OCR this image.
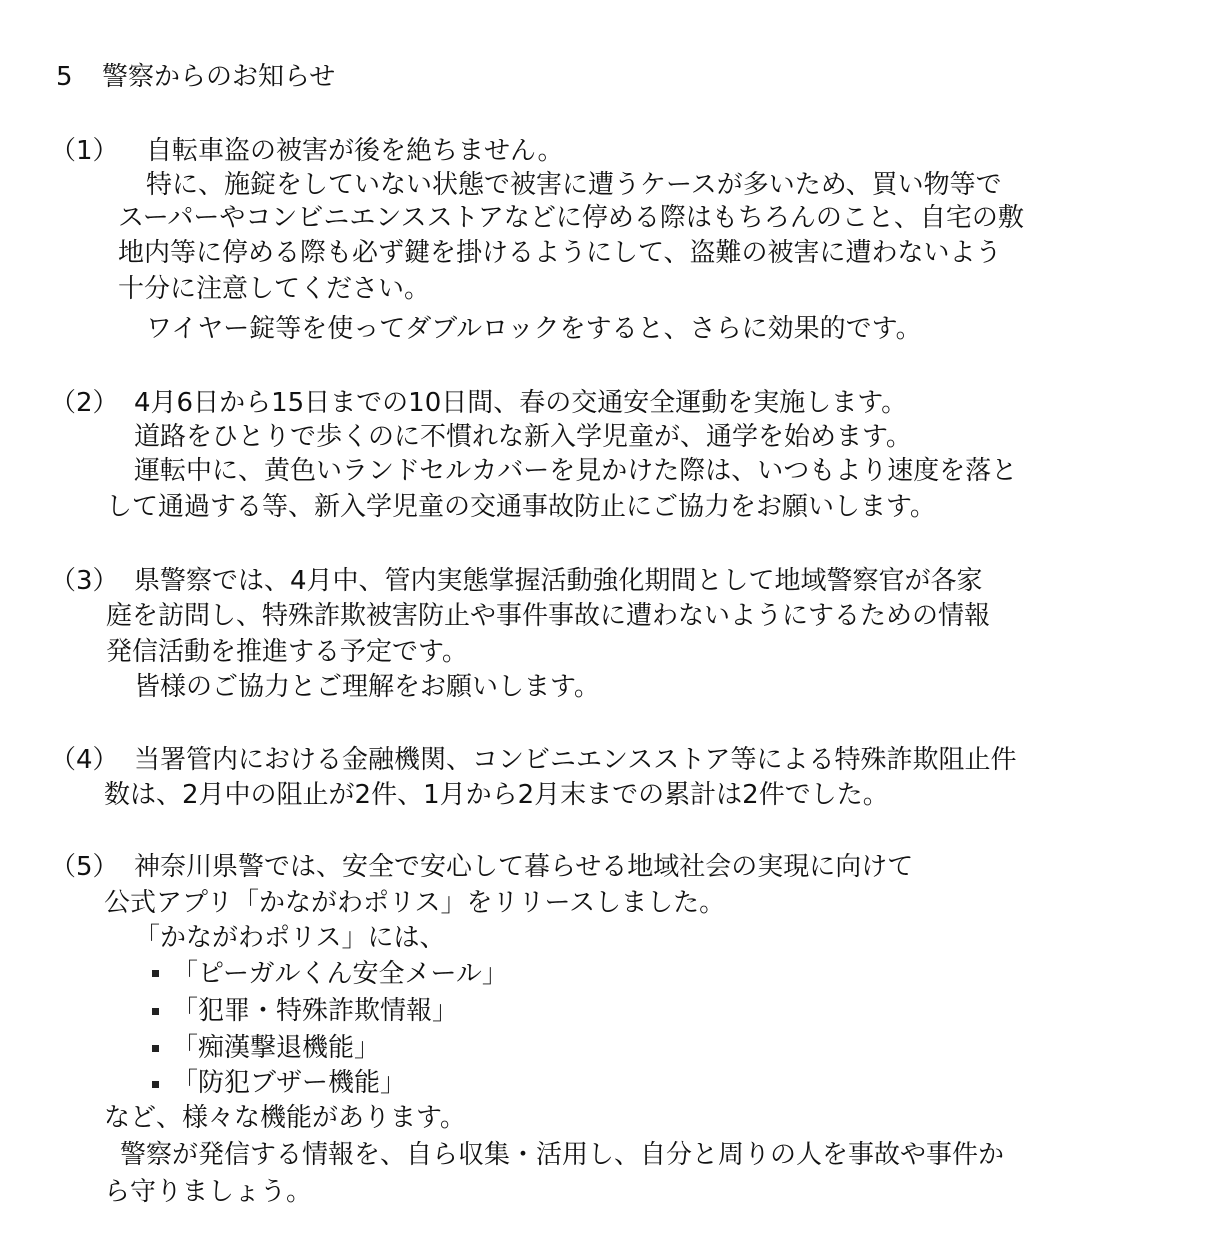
5 警察からのお知らせ
（1） 自転車盗の被害が後を絶ちません。
特に、施錠をしていない状態で被害に遭うケースが多いため、買い物等で
スーパーやコンビニエンスストアなどに停める際はもちろんのこと、自宅の敷
地内等に停める際も必ず鍵を掛けるようにして、盗難の被害に遭わないよう
十分に注意してください。
ワイヤー錠等を使ってダブルロックをすると、さらに効果的です。
（2） 4月6日から15日までの10日間、春の交通安全運動を実施します。
道路をひとりで歩くのに不慣れな新入学児童が、通学を始めます。
運転中に、黄色いランドセルカバーを見かけた際は、いつもより速度を落と
して通過する等、新入学児童の交通事故防止にご協力をお願いします。
（3） 県警察では、4月中、管内実態掌握活動強化期間として地域警察官が各家
庭を訪問し、特殊詐欺被害防止や事件事故に遭わないようにするための情報
発信活動を推進する予定です。
皆様のご協力とご理解をお願いします。
（4） 当署管内における金融機関、コンビニエンスストア等による特殊詐欺阻止件
数は、2月中の阻止が2件、1月から2月末までの累計は2件でした。
（5） 神奈川県警では、安全で安心して暮らせる地域社会の実現に向けて
公式アプリ「かながわポリス」をリリースしました。
「かながわポリス」には、
「ピーガルくん安全メール」
「犯罪・特殊詐欺情報」
「痴漢撃退機能」
「防犯ブザー機能」
など、様々な機能があります。
警察が発信する情報を、自ら収集・活用し、自分と周りの人を事故や事件か
ら守りましょう。
